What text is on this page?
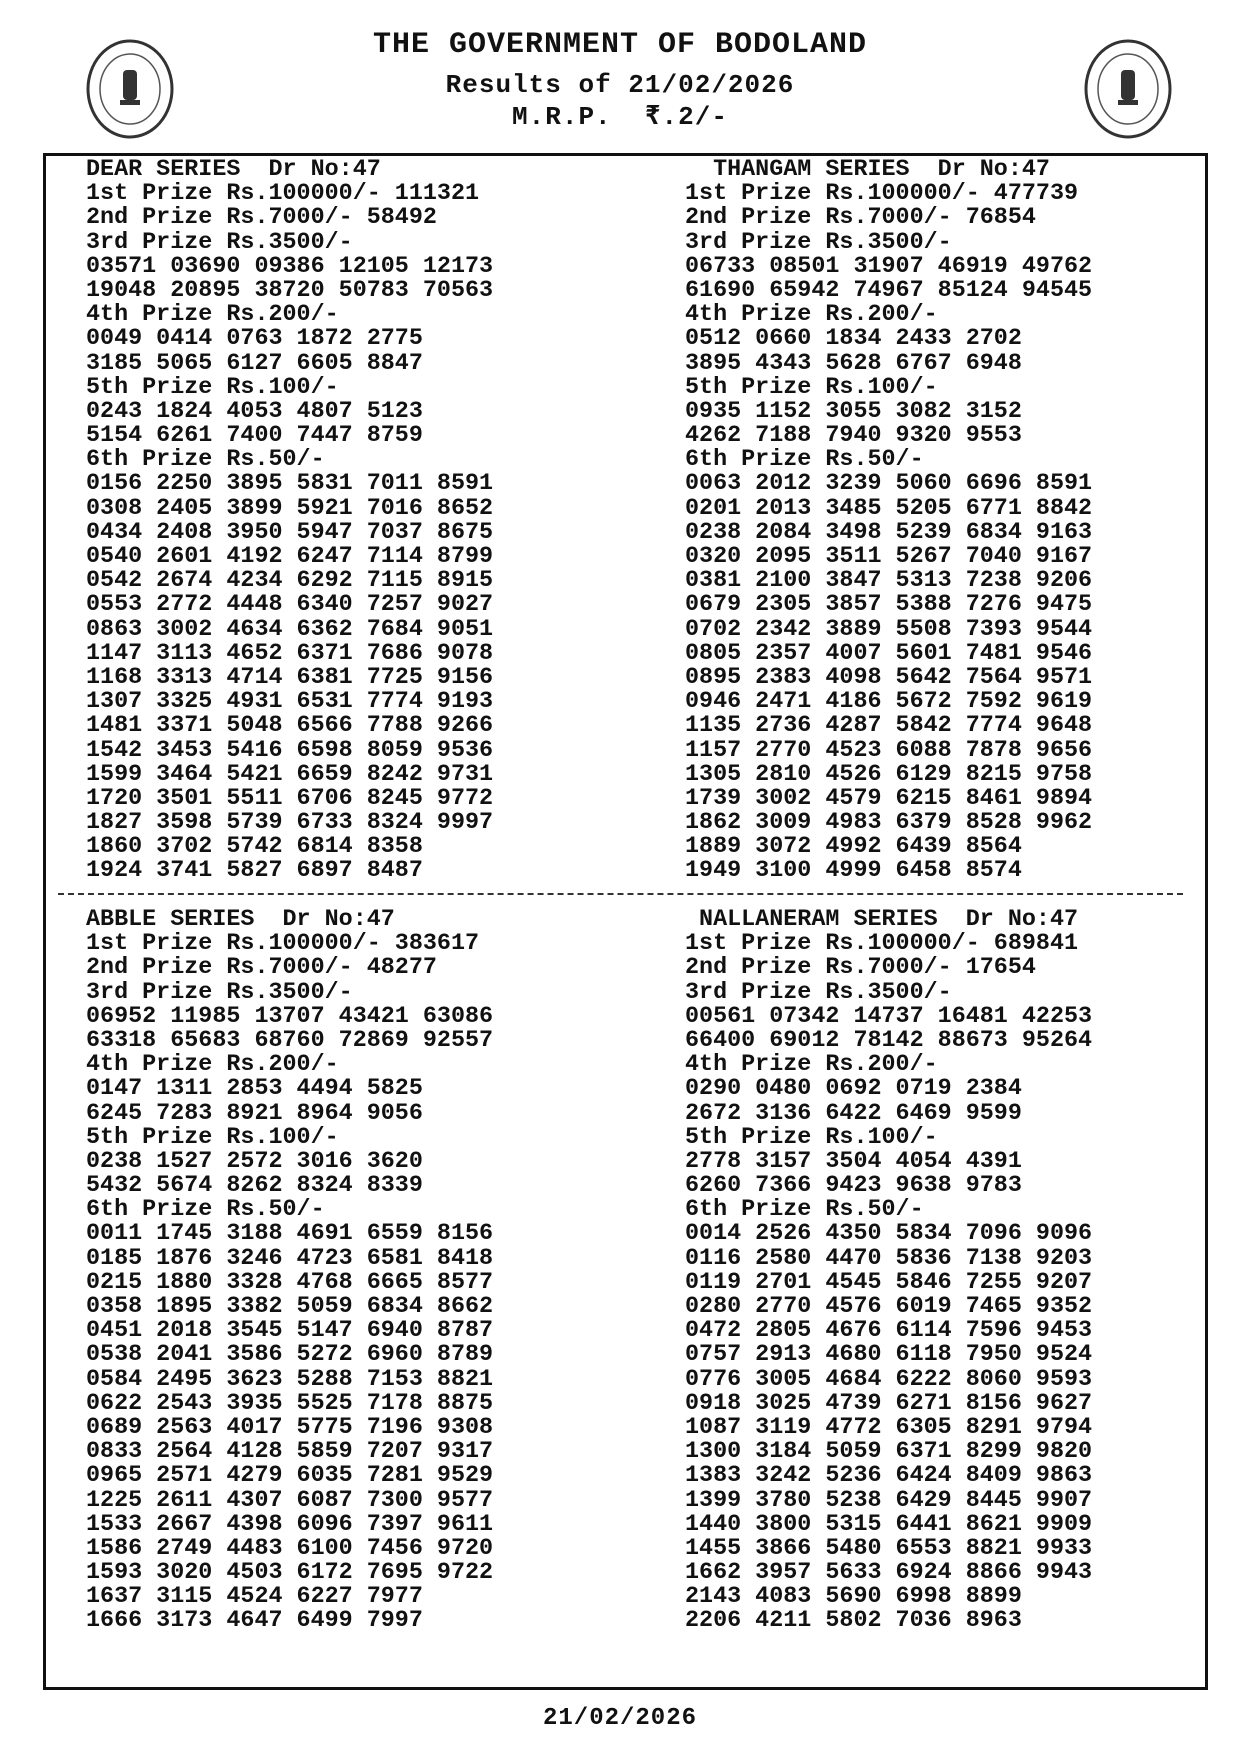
THE GOVERNMENT OF BODOLAND
Results of 21/02/2026
M.R.P.  ₹.2/-
DEAR SERIES  Dr No:47
1st Prize Rs.100000/- 111321
2nd Prize Rs.7000/- 58492
3rd Prize Rs.3500/-
03571 03690 09386 12105 12173
19048 20895 38720 50783 70563
4th Prize Rs.200/-
0049 0414 0763 1872 2775
3185 5065 6127 6605 8847
5th Prize Rs.100/-
0243 1824 4053 4807 5123
5154 6261 7400 7447 8759
6th Prize Rs.50/-
0156 2250 3895 5831 7011 8591
0308 2405 3899 5921 7016 8652
0434 2408 3950 5947 7037 8675
0540 2601 4192 6247 7114 8799
0542 2674 4234 6292 7115 8915
0553 2772 4448 6340 7257 9027
0863 3002 4634 6362 7684 9051
1147 3113 4652 6371 7686 9078
1168 3313 4714 6381 7725 9156
1307 3325 4931 6531 7774 9193
1481 3371 5048 6566 7788 9266
1542 3453 5416 6598 8059 9536
1599 3464 5421 6659 8242 9731
1720 3501 5511 6706 8245 9772
1827 3598 5739 6733 8324 9997
1860 3702 5742 6814 8358
1924 3741 5827 6897 8487
THANGAM SERIES  Dr No:47
1st Prize Rs.100000/- 477739
2nd Prize Rs.7000/- 76854
3rd Prize Rs.3500/-
06733 08501 31907 46919 49762
61690 65942 74967 85124 94545
4th Prize Rs.200/-
0512 0660 1834 2433 2702
3895 4343 5628 6767 6948
5th Prize Rs.100/-
0935 1152 3055 3082 3152
4262 7188 7940 9320 9553
6th Prize Rs.50/-
0063 2012 3239 5060 6696 8591
0201 2013 3485 5205 6771 8842
0238 2084 3498 5239 6834 9163
0320 2095 3511 5267 7040 9167
0381 2100 3847 5313 7238 9206
0679 2305 3857 5388 7276 9475
0702 2342 3889 5508 7393 9544
0805 2357 4007 5601 7481 9546
0895 2383 4098 5642 7564 9571
0946 2471 4186 5672 7592 9619
1135 2736 4287 5842 7774 9648
1157 2770 4523 6088 7878 9656
1305 2810 4526 6129 8215 9758
1739 3002 4579 6215 8461 9894
1862 3009 4983 6379 8528 9962
1889 3072 4992 6439 8564
1949 3100 4999 6458 8574
ABBLE SERIES  Dr No:47
1st Prize Rs.100000/- 383617
2nd Prize Rs.7000/- 48277
3rd Prize Rs.3500/-
06952 11985 13707 43421 63086
63318 65683 68760 72869 92557
4th Prize Rs.200/-
0147 1311 2853 4494 5825
6245 7283 8921 8964 9056
5th Prize Rs.100/-
0238 1527 2572 3016 3620
5432 5674 8262 8324 8339
6th Prize Rs.50/-
0011 1745 3188 4691 6559 8156
0185 1876 3246 4723 6581 8418
0215 1880 3328 4768 6665 8577
0358 1895 3382 5059 6834 8662
0451 2018 3545 5147 6940 8787
0538 2041 3586 5272 6960 8789
0584 2495 3623 5288 7153 8821
0622 2543 3935 5525 7178 8875
0689 2563 4017 5775 7196 9308
0833 2564 4128 5859 7207 9317
0965 2571 4279 6035 7281 9529
1225 2611 4307 6087 7300 9577
1533 2667 4398 6096 7397 9611
1586 2749 4483 6100 7456 9720
1593 3020 4503 6172 7695 9722
1637 3115 4524 6227 7977
1666 3173 4647 6499 7997
NALLANERAM SERIES  Dr No:47
1st Prize Rs.100000/- 689841
2nd Prize Rs.7000/- 17654
3rd Prize Rs.3500/-
00561 07342 14737 16481 42253
66400 69012 78142 88673 95264
4th Prize Rs.200/-
0290 0480 0692 0719 2384
2672 3136 6422 6469 9599
5th Prize Rs.100/-
2778 3157 3504 4054 4391
6260 7366 9423 9638 9783
6th Prize Rs.50/-
0014 2526 4350 5834 7096 9096
0116 2580 4470 5836 7138 9203
0119 2701 4545 5846 7255 9207
0280 2770 4576 6019 7465 9352
0472 2805 4676 6114 7596 9453
0757 2913 4680 6118 7950 9524
0776 3005 4684 6222 8060 9593
0918 3025 4739 6271 8156 9627
1087 3119 4772 6305 8291 9794
1300 3184 5059 6371 8299 9820
1383 3242 5236 6424 8409 9863
1399 3780 5238 6429 8445 9907
1440 3800 5315 6441 8621 9909
1455 3866 5480 6553 8821 9933
1662 3957 5633 6924 8866 9943
2143 4083 5690 6998 8899
2206 4211 5802 7036 8963
21/02/2026
